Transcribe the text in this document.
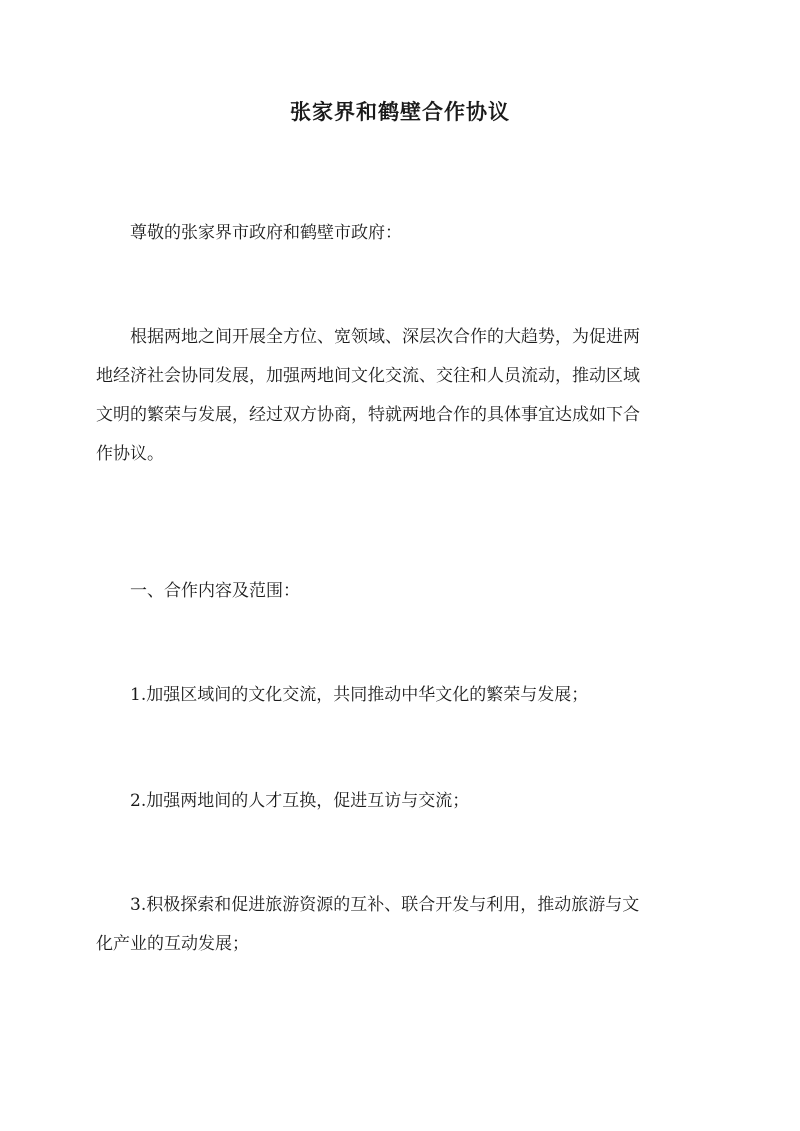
张家界和鹤壁合作协议

尊敬的张家界市政府和鹤壁市政府：

根据两地之间开展全方位、宽领域、深层次合作的大趋势，为促进两
地经济社会协同发展，加强两地间文化交流、交往和人员流动，推动区域
文明的繁荣与发展，经过双方协商，特就两地合作的具体事宜达成如下合
作协议。

一、合作内容及范围：

1.加强区域间的文化交流，共同推动中华文化的繁荣与发展；

2.加强两地间的人才互换，促进互访与交流；

3.积极探索和促进旅游资源的互补、联合开发与利用，推动旅游与文
化产业的互动发展；
